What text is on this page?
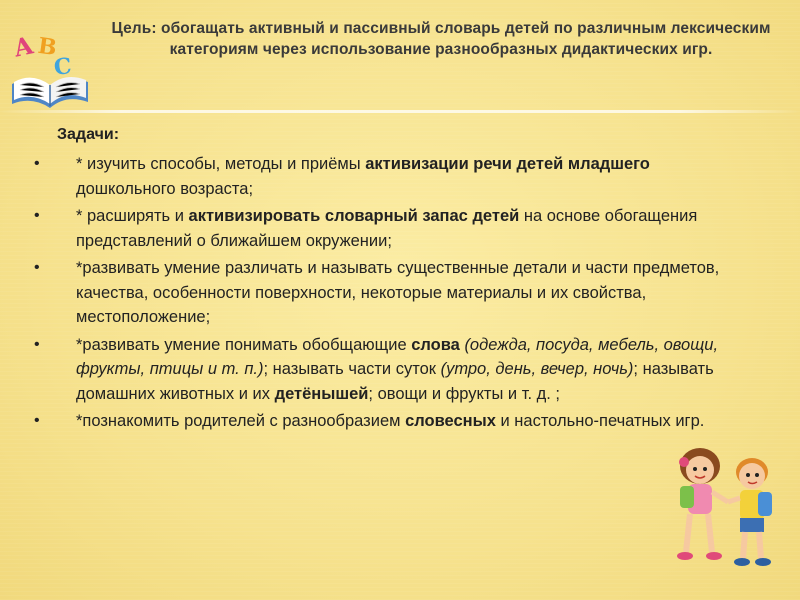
A B
C
Цель: обогащать активный и пассивный словарь детей по различным лексическим категориям через использование разнообразных дидактических игр.
Задачи:
• * изучить способы, методы и приёмы активизации речи детей младшего дошкольного возраста;
• * расширять и активизировать словарный запас детей на основе обогащения представлений о ближайшем окружении;
• *развивать умение различать и называть существенные детали и части предметов, качества, особенности поверхности, некоторые материалы и их свойства, местоположение;
• *развивать умение понимать обобщающие слова (одежда, посуда, мебель, овощи, фрукты, птицы и т. п.); называть части суток (утро, день, вечер, ночь); называть домашних животных и их детёнышей; овощи и фрукты и т. д. ;
• *познакомить родителей с разнообразием словесных и настольно-печатных игр.
